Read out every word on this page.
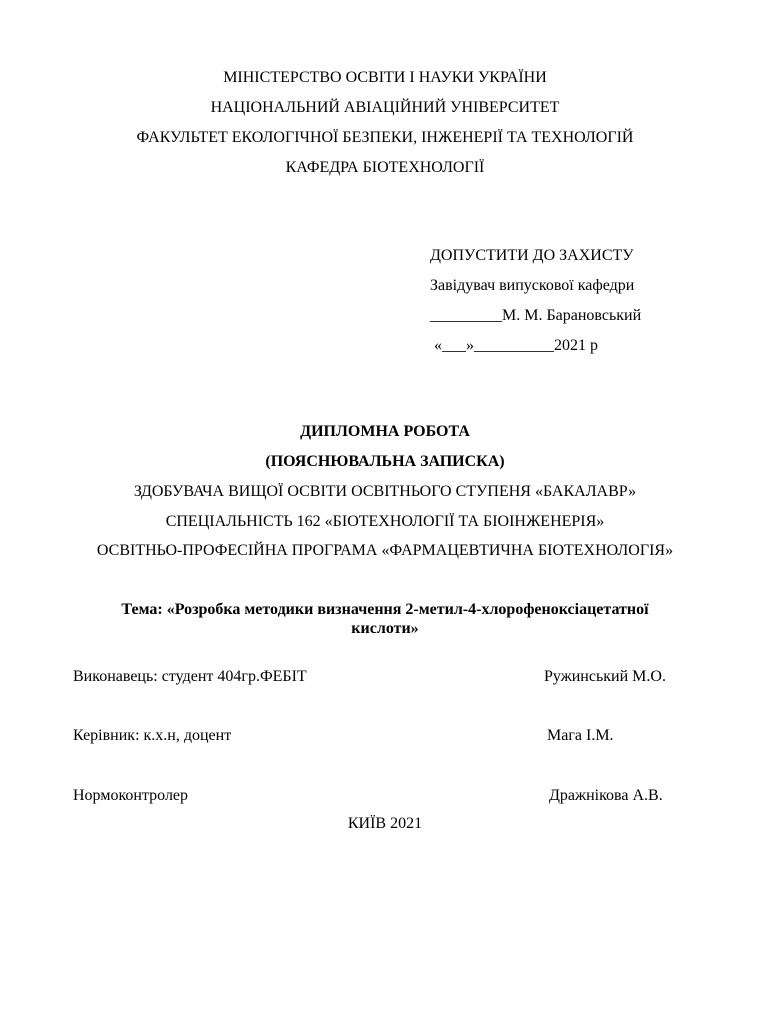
МІНІСТЕРСТВО ОСВІТИ І НАУКИ УКРАЇНИ
НАЦІОНАЛЬНИЙ АВІАЦІЙНИЙ УНІВЕРСИТЕТ
ФАКУЛЬТЕТ ЕКОЛОГІЧНОЇ БЕЗПЕКИ, ІНЖЕНЕРІЇ ТА ТЕХНОЛОГІЙ
КАФЕДРА БІОТЕХНОЛОГІЇ
ДОПУСТИТИ ДО ЗАХИСТУ
Завідувач випускової кафедри
_________М. М. Барановський
«___»__________2021 р
ДИПЛОМНА РОБОТА
(ПОЯСНЮВАЛЬНА ЗАПИСКА)
ЗДОБУВАЧА ВИЩОЇ ОСВІТИ ОСВІТНЬОГО СТУПЕНЯ «БАКАЛАВР»
СПЕЦІАЛЬНІСТЬ 162 «БІОТЕХНОЛОГІЇ ТА БІОІНЖЕНЕРІЯ»
ОСВІТНЬО-ПРОФЕСІЙНА ПРОГРАМА «ФАРМАЦЕВТИЧНА БІОТЕХНОЛОГІЯ»
Тема: «Розробка методики визначення 2-метил-4-хлорофеноксіацетатної
кислоти»
Виконавець: студент 404гр.ФЕБІТ	Ружинський М.О.
Керівник: к.х.н, доцент	Мага І.М.
Нормоконтролер	Дражнікова А.В.
КИЇВ 2021
